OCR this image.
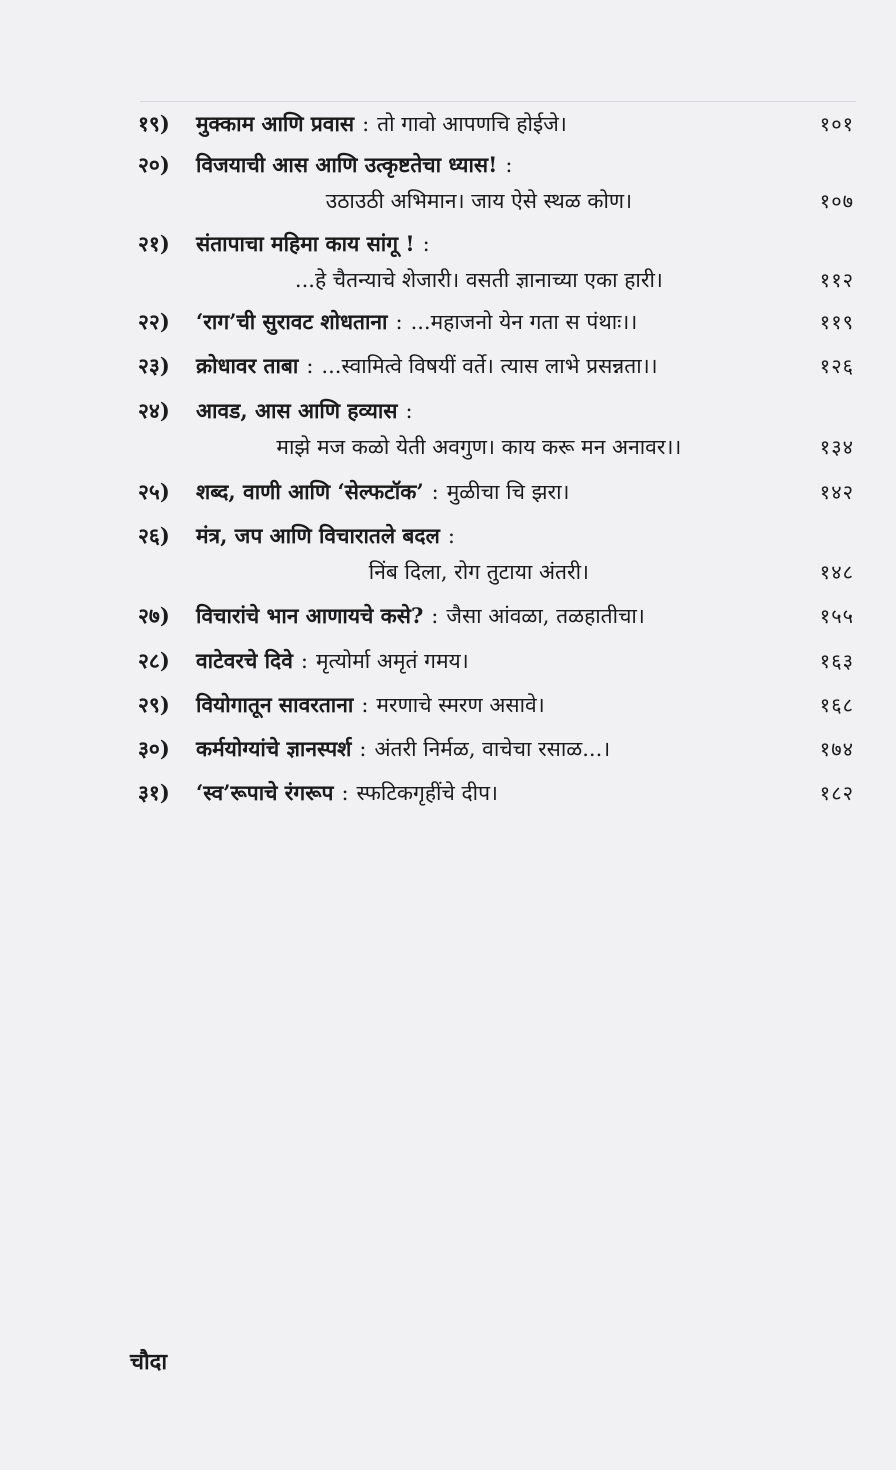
१९)	मुक्काम आणि प्रवास : तो गावो आपणचि होईजे।	१०१
२०)	विजयाची आस आणि उत्कृष्टतेचा ध्यास! :
उठाउठी अभिमान। जाय ऐसे स्थळ कोण।	१०७
२१)	संतापाचा महिमा काय सांगू ! :
...हे चैतन्याचे शेजारी। वसती ज्ञानाच्या एका हारी।	११२
२२)	‘राग’ची सुरावट शोधताना : ...महाजनो येन गता स पंथाः।।	११९
२३)	क्रोधावर ताबा : ...स्वामित्वे विषयीं वर्ते। त्यास लाभे प्रसन्नता।।	१२६
२४)	आवड, आस आणि हव्यास :
माझे मज कळो येती अवगुण। काय करू मन अनावर।।	१३४
२५)	शब्द, वाणी आणि ‘सेल्फटॉक’ : मुळीचा चि झरा।	१४२
२६)	मंत्र, जप आणि विचारातले बदल :
निंब दिला, रोग तुटाया अंतरी।	१४८
२७)	विचारांचे भान आणायचे कसे? : जैसा आंवळा, तळहातीचा।	१५५
२८)	वाटेवरचे दिवे : मृत्योर्मा अमृतं गमय।	१६३
२९)	वियोगातून सावरताना : मरणाचे स्मरण असावे।	१६८
३०)	कर्मयोग्यांचे ज्ञानस्पर्श : अंतरी निर्मळ, वाचेचा रसाळ...।	१७४
३१)	‘स्व’रूपाचे रंगरूप : स्फटिकगृहींचे दीप।	१८२
चौदा
